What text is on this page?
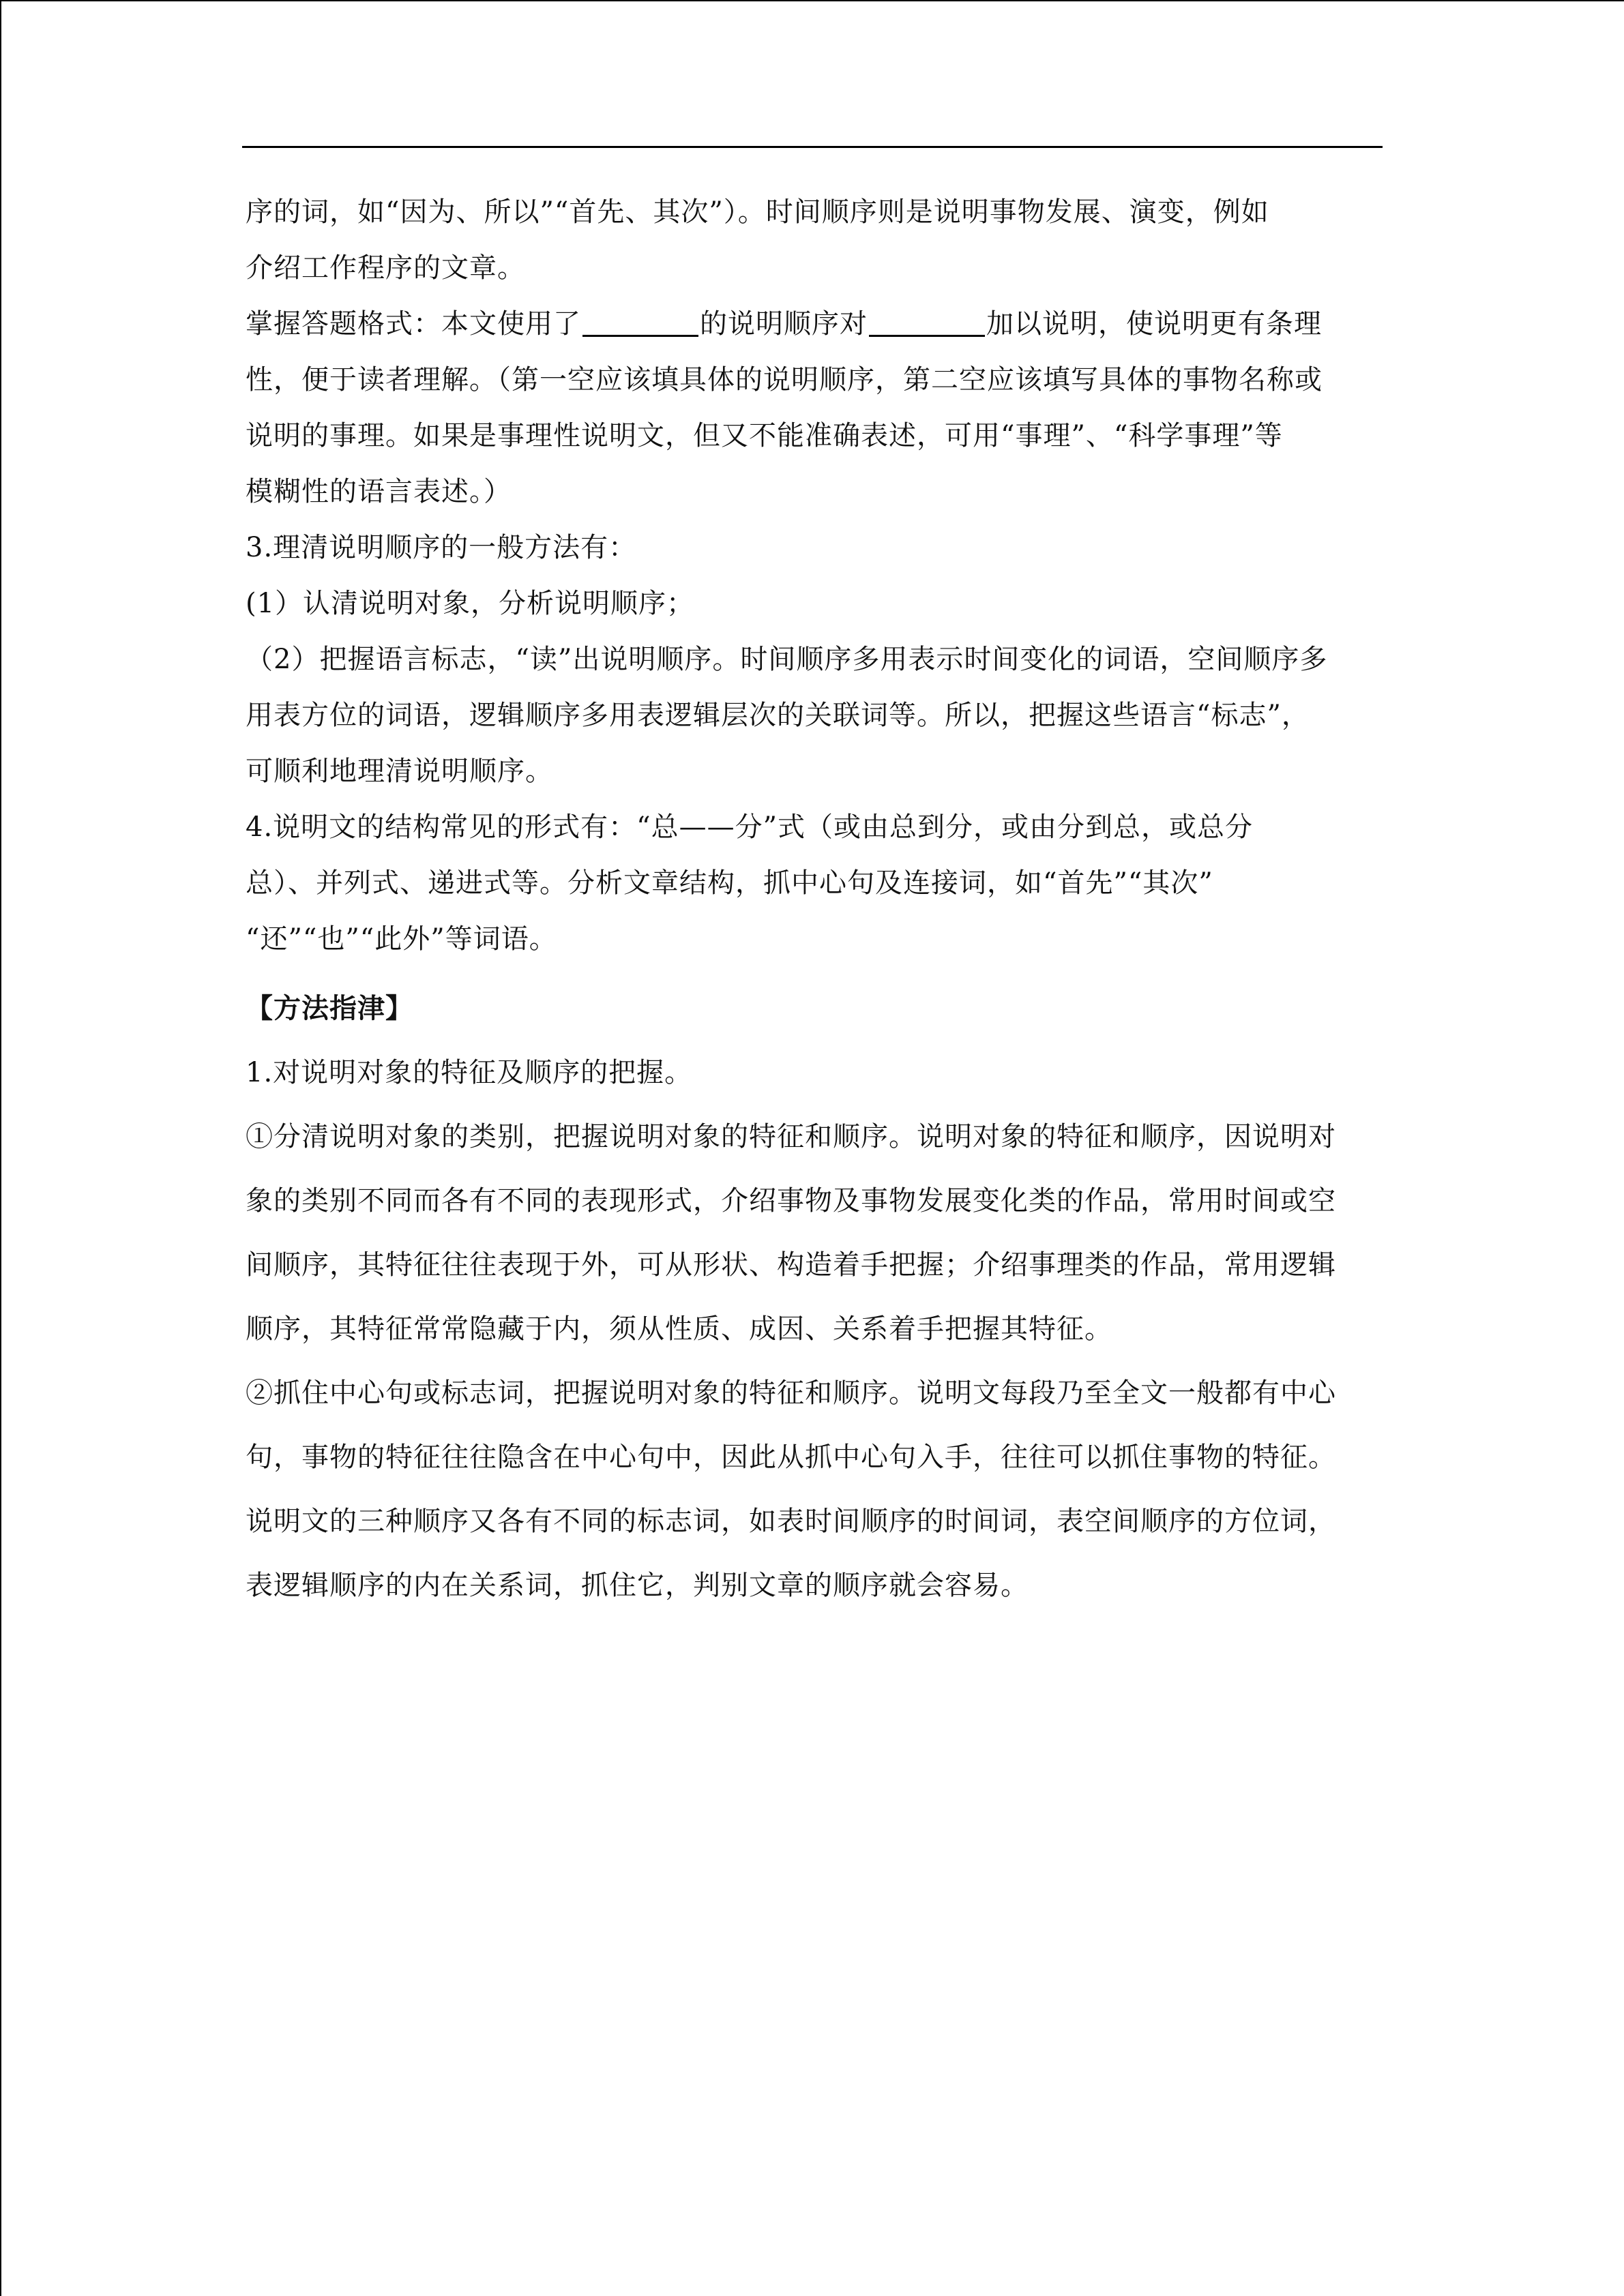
序的词，如“因为、所以”“首先、其次”）。时间顺序则是说明事物发展、演变，例如
介绍工作程序的文章。
掌握答题格式：本文使用了	的说明顺序对	加以说明，使说明更有条理
性，便于读者理解。（第一空应该填具体的说明顺序，第二空应该填写具体的事物名称或
说明的事理。如果是事理性说明文，但又不能准确表述，可用“事理”、“科学事理”等
模糊性的语言表述。）
3.理清说明顺序的一般方法有：
(1）认清说明对象，分析说明顺序；
（2）把握语言标志，“读”出说明顺序。时间顺序多用表示时间变化的词语，空间顺序多
用表方位的词语，逻辑顺序多用表逻辑层次的关联词等。所以，把握这些语言“标志”，
可顺利地理清说明顺序。
4.说明文的结构常见的形式有：“总——分”式（或由总到分，或由分到总，或总分
总）、并列式、递进式等。分析文章结构，抓中心句及连接词，如“首先”“其次”
“还”“也”“此外”等词语。
【方法指津】
1.对说明对象的特征及顺序的把握。
①分清说明对象的类别，把握说明对象的特征和顺序。说明对象的特征和顺序，因说明对
象的类别不同而各有不同的表现形式，介绍事物及事物发展变化类的作品，常用时间或空
间顺序，其特征往往表现于外，可从形状、构造着手把握；介绍事理类的作品，常用逻辑
顺序，其特征常常隐藏于内，须从性质、成因、关系着手把握其特征。
②抓住中心句或标志词，把握说明对象的特征和顺序。说明文每段乃至全文一般都有中心
句，事物的特征往往隐含在中心句中，因此从抓中心句入手，往往可以抓住事物的特征。
说明文的三种顺序又各有不同的标志词，如表时间顺序的时间词，表空间顺序的方位词，
表逻辑顺序的内在关系词，抓住它，判别文章的顺序就会容易。
